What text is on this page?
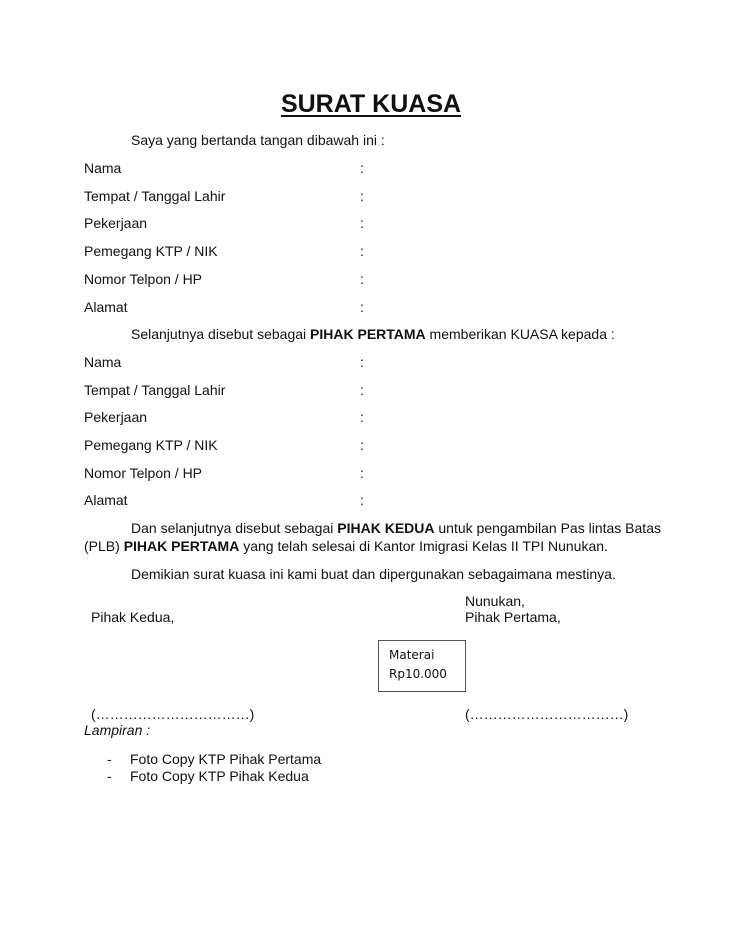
SURAT KUASA
Saya yang bertanda tangan dibawah ini :
Nama	:
Tempat / Tanggal Lahir	:
Pekerjaan	:
Pemegang KTP / NIK	:
Nomor Telpon / HP	:
Alamat	:
Selanjutnya disebut sebagai PIHAK PERTAMA memberikan KUASA kepada :
Nama	:
Tempat / Tanggal Lahir	:
Pekerjaan	:
Pemegang KTP / NIK	:
Nomor Telpon / HP	:
Alamat	:
Dan selanjutnya disebut sebagai PIHAK KEDUA untuk pengambilan Pas lintas Batas
(PLB) PIHAK PERTAMA yang telah selesai di Kantor Imigrasi Kelas II TPI Nunukan.
Demikian surat kuasa ini kami buat dan dipergunakan sebagaimana mestinya.
Nunukan,
Pihak Pertama,
Pihak Kedua,
Materai
Rp10.000
(……………………………)	(……………………………)
Lampiran :
- Foto Copy KTP Pihak Pertama
- Foto Copy KTP Pihak Kedua
